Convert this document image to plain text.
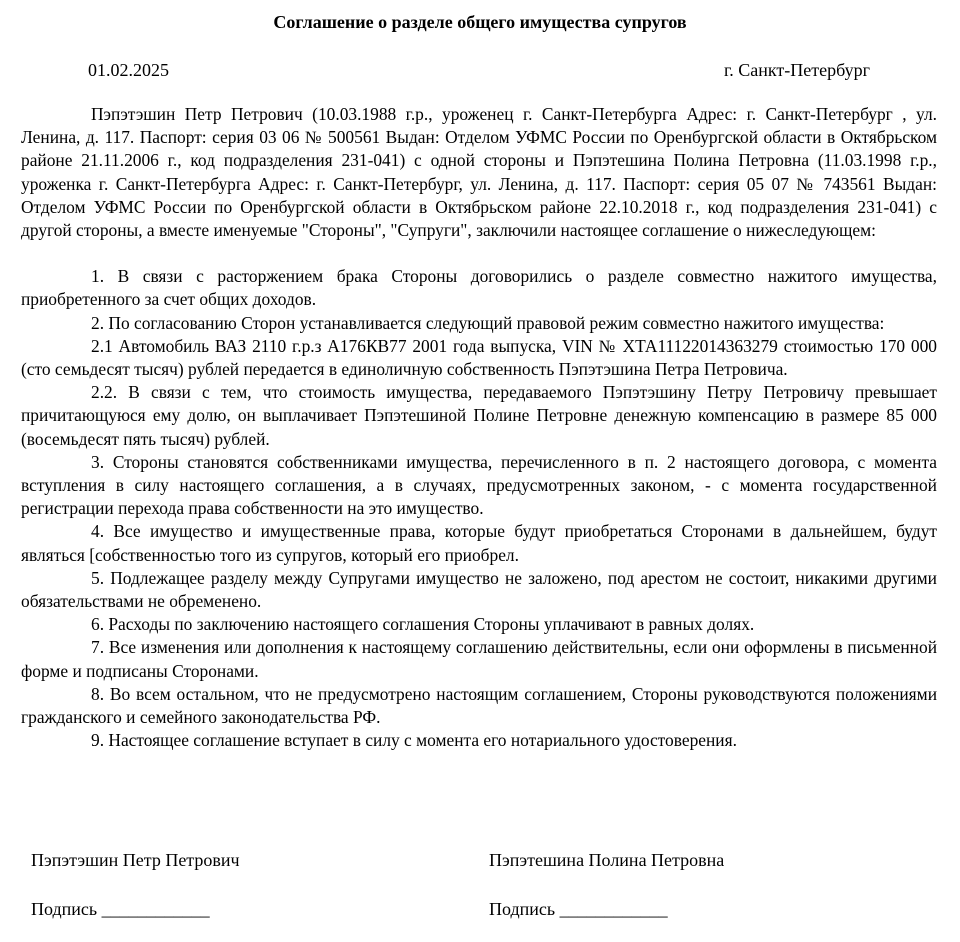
Соглашение о разделе общего имущества супругов
01.02.2025	г. Санкт-Петербург

Пэпэтэшин Петр Петрович (10.03.1988 г.р., уроженец г. Санкт-Петербурга Адрес: г. Санкт-Петербург , ул. Ленина, д. 117. Паспорт: серия 03 06 № 500561 Выдан: Отделом УФМС России по Оренбургской области в Октябрьском районе 21.11.2006 г., код подразделения 231-041) с одной стороны и Пэпэтешина Полина Петровна (11.03.1998 г.р., уроженка г. Санкт-Петербурга Адрес: г. Санкт-Петербург, ул. Ленина, д. 117. Паспорт: серия 05 07 № 743561 Выдан: Отделом УФМС России по Оренбургской области в Октябрьском районе 22.10.2018 г., код подразделения 231-041) с другой стороны, а вместе именуемые "Стороны", "Супруги", заключили настоящее соглашение о нижеследующем:

1. В связи с расторжением брака Стороны договорились о разделе совместно нажитого имущества, приобретенного за счет общих доходов.

2. По согласованию Сторон устанавливается следующий правовой режим совместно нажитого имущества:

2.1 Автомобиль ВАЗ 2110 г.р.з А176КВ77 2001 года выпуска, VIN № ХТА11122014363279 стоимостью 170 000 (сто семьдесят тысяч) рублей передается в единоличную собственность Пэпэтэшина Петра Петровича.

2.2. В связи с тем, что стоимость имущества, передаваемого Пэпэтэшину Петру Петровичу превышает причитающуюся ему долю, он выплачивает Пэпэтешиной Полине Петровне денежную компенсацию в размере 85 000 (восемьдесят пять тысяч) рублей.

3. Стороны становятся собственниками имущества, перечисленного в п. 2 настоящего договора, с момента вступления в силу настоящего соглашения, а в случаях, предусмотренных законом, - с момента государственной регистрации перехода права собственности на это имущество.

4. Все имущество и имущественные права, которые будут приобретаться Сторонами в дальнейшем, будут являться [собственностью того из супругов, который его приобрел.

5. Подлежащее разделу между Супругами имущество не заложено, под арестом не состоит, никакими другими обязательствами не обременено.

6. Расходы по заключению настоящего соглашения Стороны уплачивают в равных долях.

7. Все изменения или дополнения к настоящему соглашению действительны, если они оформлены в письменной форме и подписаны Сторонами.

8. Во всем остальном, что не предусмотрено настоящим соглашением, Стороны руководствуются положениями гражданского и семейного законодательства РФ.

9. Настоящее соглашение вступает в силу с момента его нотариального удостоверения.

Пэпэтэшин Петр Петрович	Пэпэтешина Полина Петровна
Подпись ____________	Подпись ____________
